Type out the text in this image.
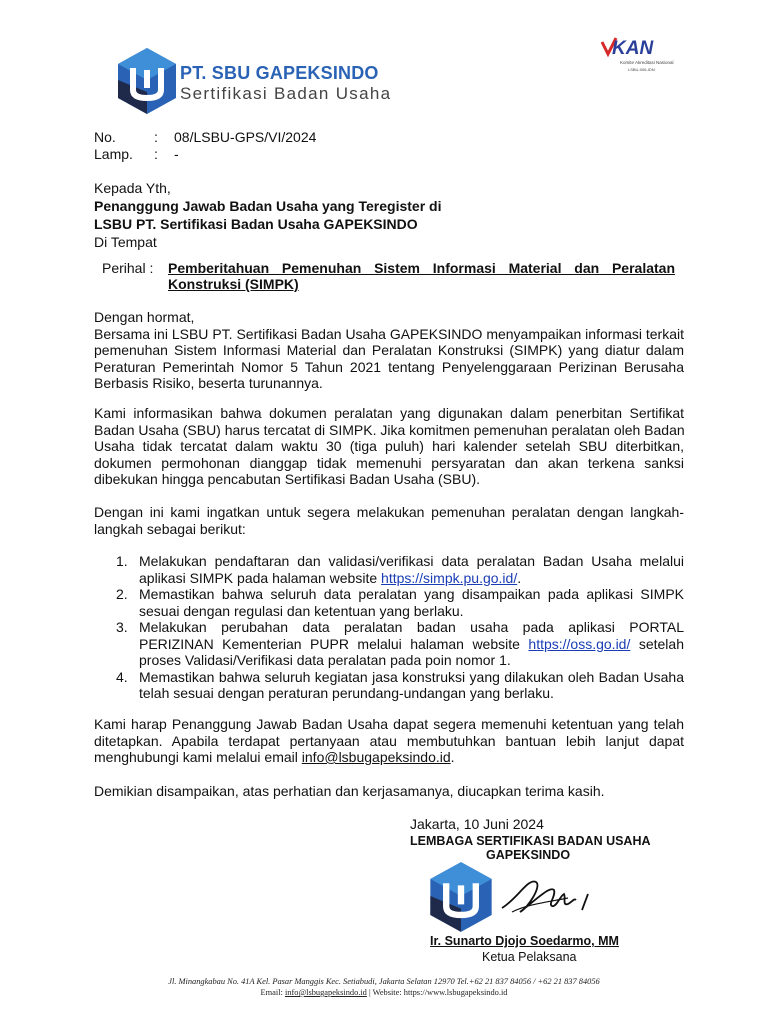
PT. SBU GAPEKSINDO
Sertifikasi Badan Usaha
KAN
Komite Akreditasi Nasional
LSBU-006-IDN
No.	: 08/LSBU-GPS/VI/2024
Lamp. : -
Kepada Yth,
Penanggung Jawab Badan Usaha yang Teregister di
LSBU PT. Sertifikasi Badan Usaha GAPEKSINDO
Di Tempat
Perihal : Pemberitahuan Pemenuhan Sistem Informasi Material dan Peralatan
Konstruksi (SIMPK)
Dengan hormat,
Bersama ini LSBU PT. Sertifikasi Badan Usaha GAPEKSINDO menyampaikan informasi terkait
pemenuhan Sistem Informasi Material dan Peralatan Konstruksi (SIMPK) yang diatur dalam
Peraturan Pemerintah Nomor 5 Tahun 2021 tentang Penyelenggaraan Perizinan Berusaha
Berbasis Risiko, beserta turunannya.
Kami informasikan bahwa dokumen peralatan yang digunakan dalam penerbitan Sertifikat
Badan Usaha (SBU) harus tercatat di SIMPK. Jika komitmen pemenuhan peralatan oleh Badan
Usaha tidak tercatat dalam waktu 30 (tiga puluh) hari kalender setelah SBU diterbitkan,
dokumen permohonan dianggap tidak memenuhi persyaratan dan akan terkena sanksi
dibekukan hingga pencabutan Sertifikasi Badan Usaha (SBU).
Dengan ini kami ingatkan untuk segera melakukan pemenuhan peralatan dengan langkah-
langkah sebagai berikut:
1. Melakukan pendaftaran dan validasi/verifikasi data peralatan Badan Usaha melalui
aplikasi SIMPK pada halaman website https://simpk.pu.go.id/.
2. Memastikan bahwa seluruh data peralatan yang disampaikan pada aplikasi SIMPK
sesuai dengan regulasi dan ketentuan yang berlaku.
3. Melakukan perubahan data peralatan badan usaha pada aplikasi PORTAL
PERIZINAN Kementerian PUPR melalui halaman website https://oss.go.id/ setelah
proses Validasi/Verifikasi data peralatan pada poin nomor 1.
4. Memastikan bahwa seluruh kegiatan jasa konstruksi yang dilakukan oleh Badan Usaha
telah sesuai dengan peraturan perundang-undangan yang berlaku.
Kami harap Penanggung Jawab Badan Usaha dapat segera memenuhi ketentuan yang telah
ditetapkan. Apabila terdapat pertanyaan atau membutuhkan bantuan lebih lanjut dapat
menghubungi kami melalui email info@lsbugapeksindo.id.
Demikian disampaikan, atas perhatian dan kerjasamanya, diucapkan terima kasih.
Jakarta, 10 Juni 2024
LEMBAGA SERTIFIKASI BADAN USAHA
GAPEKSINDO
Ir. Sunarto Djojo Soedarmo, MM
Ketua Pelaksana
Jl. Minangkabau No. 41A Kel. Pasar Manggis Kec. Setiabudi, Jakarta Selatan 12970 Tel.+62 21 837 84056 / +62 21 837 84056
Email: info@lsbugapeksindo.id | Website: https://www.lsbugapeksindo.id
